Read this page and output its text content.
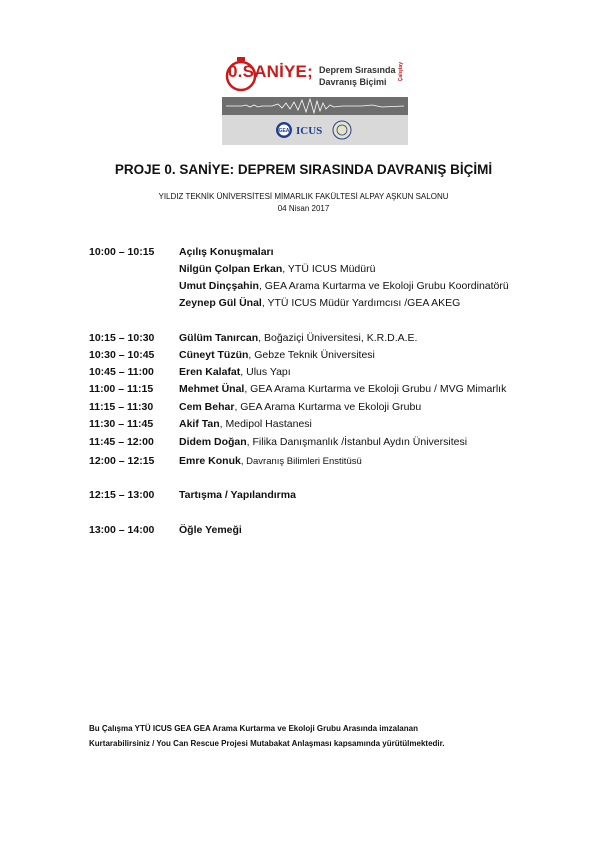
0.SANİYE; Deprem Sırasında
Davranış Biçimi
Çalıştay
GEA ICUS
PROJE 0. SANİYE: DEPREM SIRASINDA DAVRANIŞ BİÇİMİ
YILDIZ TEKNİK ÜNİVERSİTESİ MİMARLIK FAKÜLTESİ ALPAY AŞKUN SALONU
04 Nisan 2017
10:00 – 10:15 Açılış Konuşmaları
Nilgün Çolpan Erkan, YTÜ ICUS Müdürü
Umut Dinçşahin, GEA Arama Kurtarma ve Ekoloji Grubu Koordinatörü
Zeynep Gül Ünal, YTÜ ICUS Müdür Yardımcısı /GEA AKEG
10:15 – 10:30 Gülüm Tanırcan, Boğaziçi Üniversitesi, K.R.D.A.E.
10:30 – 10:45 Cüneyt Tüzün, Gebze Teknik Üniversitesi
10:45 – 11:00 Eren Kalafat, Ulus Yapı
11:00 – 11:15 Mehmet Ünal, GEA Arama Kurtarma ve Ekoloji Grubu / MVG Mimarlık
11:15 – 11:30 Cem Behar, GEA Arama Kurtarma ve Ekoloji Grubu
11:30 – 11:45 Akif Tan, Medipol Hastanesi
11:45 – 12:00 Didem Doğan, Filika Danışmanlık /İstanbul Aydın Üniversitesi
12:00 – 12:15 Emre Konuk, Davranış Bilimleri Enstitüsü
12:15 – 13:00 Tartışma / Yapılandırma
13:00 – 14:00 Öğle Yemeği
Bu Çalışma YTÜ ICUS GEA GEA Arama Kurtarma ve Ekoloji Grubu Arasında imzalanan
Kurtarabilirsiniz / You Can Rescue Projesi Mutabakat Anlaşması kapsamında yürütülmektedir.
